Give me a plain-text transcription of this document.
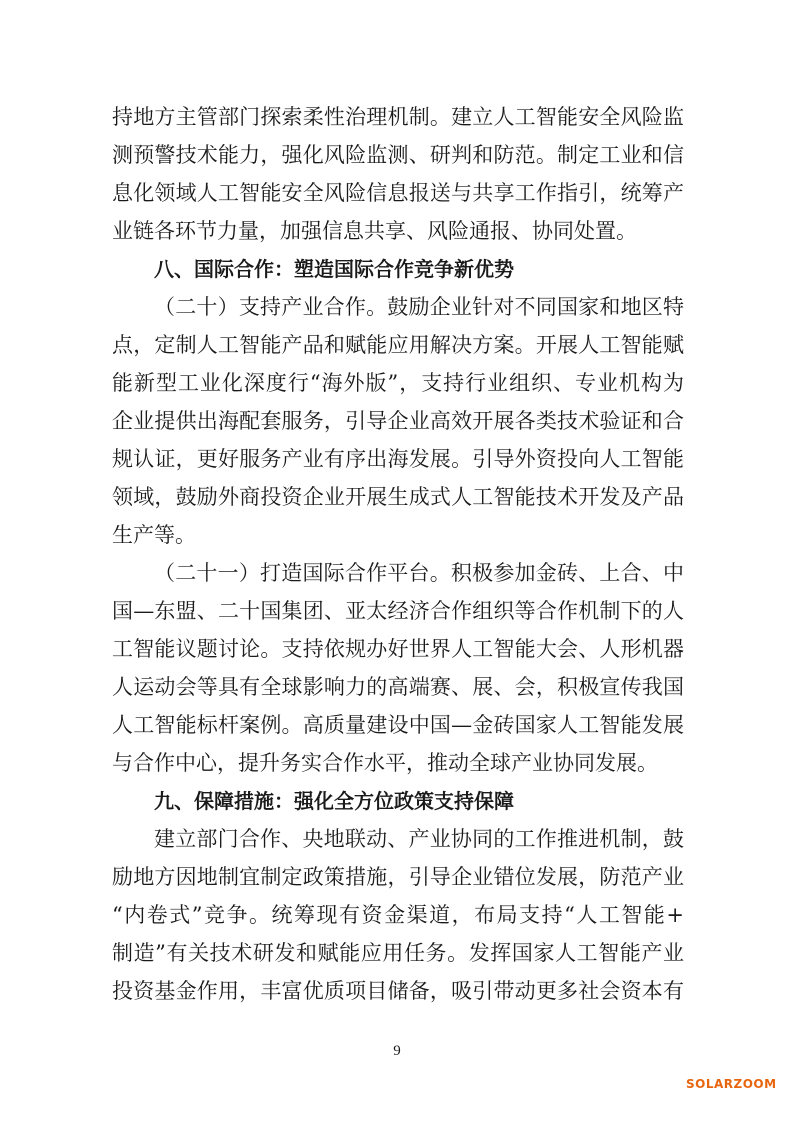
持地方主管部门探索柔性治理机制。建立人工智能安全风险监
测预警技术能力，强化风险监测、研判和防范。制定工业和信
息化领域人工智能安全风险信息报送与共享工作指引，统筹产
业链各环节力量，加强信息共享、风险通报、协同处置。
八、国际合作：塑造国际合作竞争新优势
（二十）支持产业合作。鼓励企业针对不同国家和地区特
点，定制人工智能产品和赋能应用解决方案。开展人工智能赋
能新型工业化深度行“海外版”，支持行业组织、专业机构为
企业提供出海配套服务，引导企业高效开展各类技术验证和合
规认证，更好服务产业有序出海发展。引导外资投向人工智能
领域，鼓励外商投资企业开展生成式人工智能技术开发及产品
生产等。
（二十一）打造国际合作平台。积极参加金砖、上合、中
国—东盟、二十国集团、亚太经济合作组织等合作机制下的人
工智能议题讨论。支持依规办好世界人工智能大会、人形机器
人运动会等具有全球影响力的高端赛、展、会，积极宣传我国
人工智能标杆案例。高质量建设中国—金砖国家人工智能发展
与合作中心，提升务实合作水平，推动全球产业协同发展。
九、保障措施：强化全方位政策支持保障
建立部门合作、央地联动、产业协同的工作推进机制，鼓
励地方因地制宜制定政策措施，引导企业错位发展，防范产业
“内卷式”竞争。统筹现有资金渠道，布局支持“人工智能+
制造”有关技术研发和赋能应用任务。发挥国家人工智能产业
投资基金作用，丰富优质项目储备，吸引带动更多社会资本有
9
SOLARZOOM
